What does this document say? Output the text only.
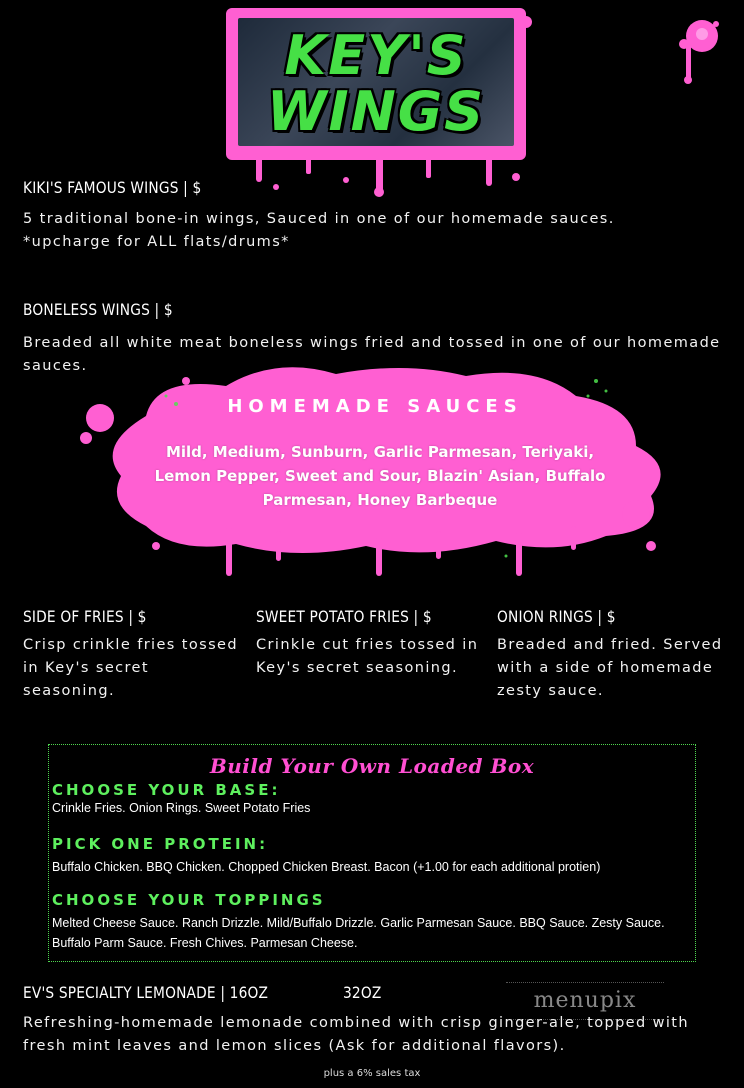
KEY'S
WINGS
KIKI'S FAMOUS WINGS | $
5 traditional bone-in wings, Sauced in one of our homemade sauces.
*upcharge for ALL flats/drums*
BONELESS WINGS | $
Breaded all white meat boneless wings fried and tossed in one of our homemade
sauces.
HOMEMADE SAUCES
Mild, Medium, Sunburn, Garlic Parmesan, Teriyaki, Lemon Pepper, Sweet and Sour, Blazin' Asian, Buffalo Parmesan, Honey Barbeque
SIDE OF FRIES | $
Crisp crinkle fries tossed in Key's secret seasoning.
SWEET POTATO FRIES | $
Crinkle cut fries tossed in Key's secret seasoning.
ONION RINGS | $
Breaded and fried. Served with a side of homemade zesty sauce.
Build Your Own Loaded Box
CHOOSE YOUR BASE:
Crinkle Fries. Onion Rings. Sweet Potato Fries
PICK ONE PROTEIN:
Buffalo Chicken. BBQ Chicken. Chopped Chicken Breast. Bacon (+1.00 for each additional protien)
CHOOSE YOUR TOPPINGS
Melted Cheese Sauce. Ranch Drizzle. Mild/Buffalo Drizzle. Garlic Parmesan Sauce. BBQ Sauce. Zesty Sauce. Buffalo Parm Sauce. Fresh Chives. Parmesan Cheese.
EV'S SPECIALTY LEMONADE | 16OZ	32OZ	menupix
Refreshing-homemade lemonade combined with crisp ginger-ale, topped with
fresh mint leaves and lemon slices (Ask for additional flavors).
plus a 6% sales tax
